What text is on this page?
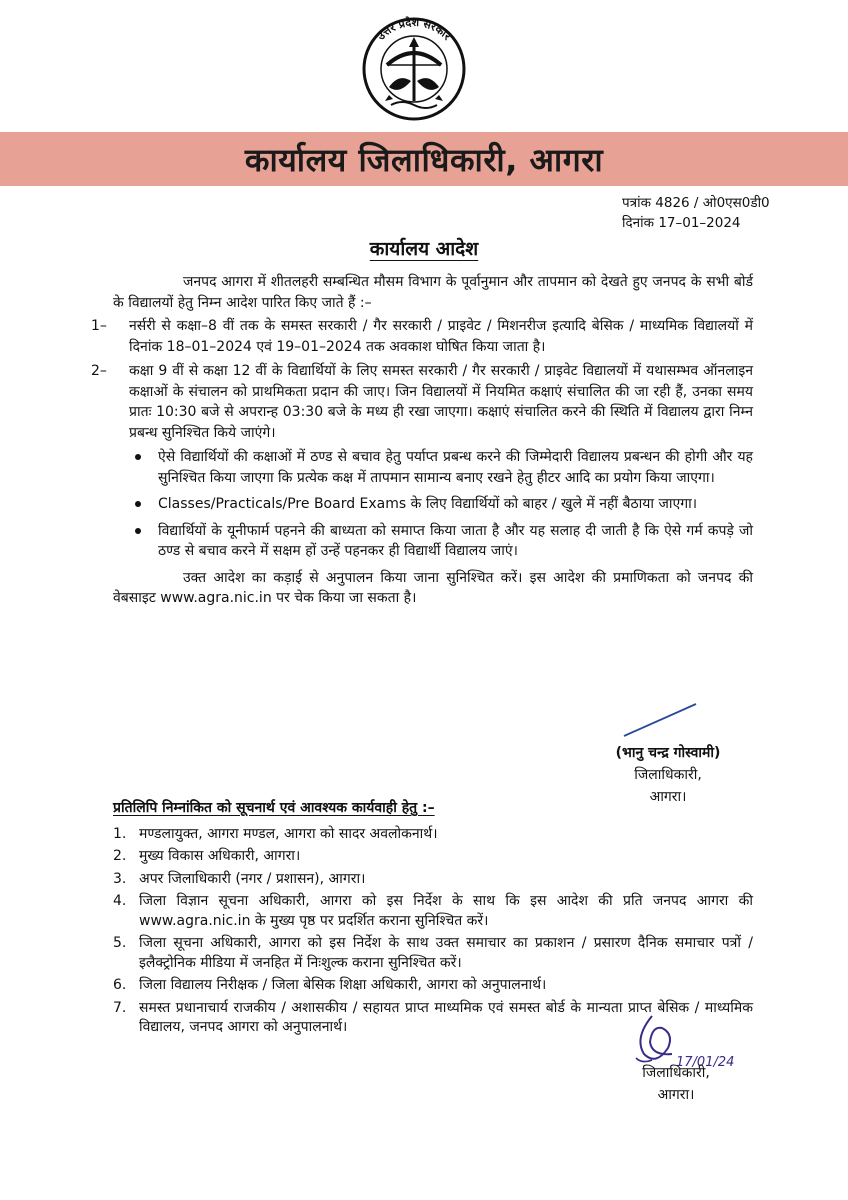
उत्तर प्रदेश सरकार
कार्यालय जिलाधिकारी, आगरा
पत्रांक 4826 / ओ0एस0डी0
दिनांक 17–01–2024
कार्यालय आदेश

जनपद आगरा में शीतलहरी सम्बन्धित मौसम विभाग के पूर्वानुमान और तापमान को देखते हुए जनपद के सभी बोर्ड के विद्यालयों हेतु निम्न आदेश पारित किए जाते हैं :–

1–	नर्सरी से कक्षा–8 वीं तक के समस्त सरकारी / गैर सरकारी / प्राइवेट / मिशनरीज इत्यादि बेसिक / माध्यमिक विद्यालयों में दिनांक 18–01–2024 एवं 19–01–2024 तक अवकाश घोषित किया जाता है।
2–	कक्षा 9 वीं से कक्षा 12 वीं के विद्यार्थियों के लिए समस्त सरकारी / गैर सरकारी / प्राइवेट विद्यालयों में यथासम्भव ऑनलाइन कक्षाओं के संचालन को प्राथमिकता प्रदान की जाए। जिन विद्यालयों में नियमित कक्षाएं संचालित की जा रही हैं, उनका समय प्रातः 10:30 बजे से अपरान्ह 03:30 बजे के मध्य ही रखा जाएगा। कक्षाएं संचालित करने की स्थिति में विद्यालय द्वारा निम्न प्रबन्ध सुनिश्चित किये जाएंगे।
ऐसे विद्यार्थियों की कक्षाओं में ठण्ड से बचाव हेतु पर्याप्त प्रबन्ध करने की जिम्मेदारी विद्यालय प्रबन्धन की होगी और यह सुनिश्चित किया जाएगा कि प्रत्येक कक्ष में तापमान सामान्य बनाए रखने हेतु हीटर आदि का प्रयोग किया जाएगा।
Classes/Practicals/Pre Board Exams के लिए विद्यार्थियों को बाहर / खुले में नहीं बैठाया जाएगा।
विद्यार्थियों के यूनीफार्म पहनने की बाध्यता को समाप्त किया जाता है और यह सलाह दी जाती है कि ऐसे गर्म कपड़े जो ठण्ड से बचाव करने में सक्षम हों उन्हें पहनकर ही विद्यार्थी विद्यालय जाएं।

उक्त आदेश का कड़ाई से अनुपालन किया जाना सुनिश्चित करें। इस आदेश की प्रमाणिकता को जनपद की वेबसाइट www.agra.nic.in पर चेक किया जा सकता है।

(भानु चन्द्र गोस्वामी)
जिलाधिकारी,
आगरा।
प्रतिलिपि निम्नांकित को सूचनार्थ एवं आवश्यक कार्यवाही हेतु :–
1. मण्डलायुक्त, आगरा मण्डल, आगरा को सादर अवलोकनार्थ।
2. मुख्य विकास अधिकारी, आगरा।
3. अपर जिलाधिकारी (नगर / प्रशासन), आगरा।
4. जिला विज्ञान सूचना अधिकारी, आगरा को इस निर्देश के साथ कि इस आदेश की प्रति जनपद आगरा की www.agra.nic.in के मुख्य पृष्ठ पर प्रदर्शित कराना सुनिश्चित करें।
5. जिला सूचना अधिकारी, आगरा को इस निर्देश के साथ उक्त समाचार का प्रकाशन / प्रसारण दैनिक समाचार पत्रों / इलैक्ट्रोनिक मीडिया में जनहित में निःशुल्क कराना सुनिश्चित करें।
6. जिला विद्यालय निरीक्षक / जिला बेसिक शिक्षा अधिकारी, आगरा को अनुपालनार्थ।
7. समस्त प्रधानाचार्य राजकीय / अशासकीय / सहायत प्राप्त माध्यमिक एवं समस्त बोर्ड के मान्यता प्राप्त बेसिक / माध्यमिक विद्यालय, जनपद आगरा को अनुपालनार्थ।
17/01/24
जिलाधिकारी,
आगरा।
